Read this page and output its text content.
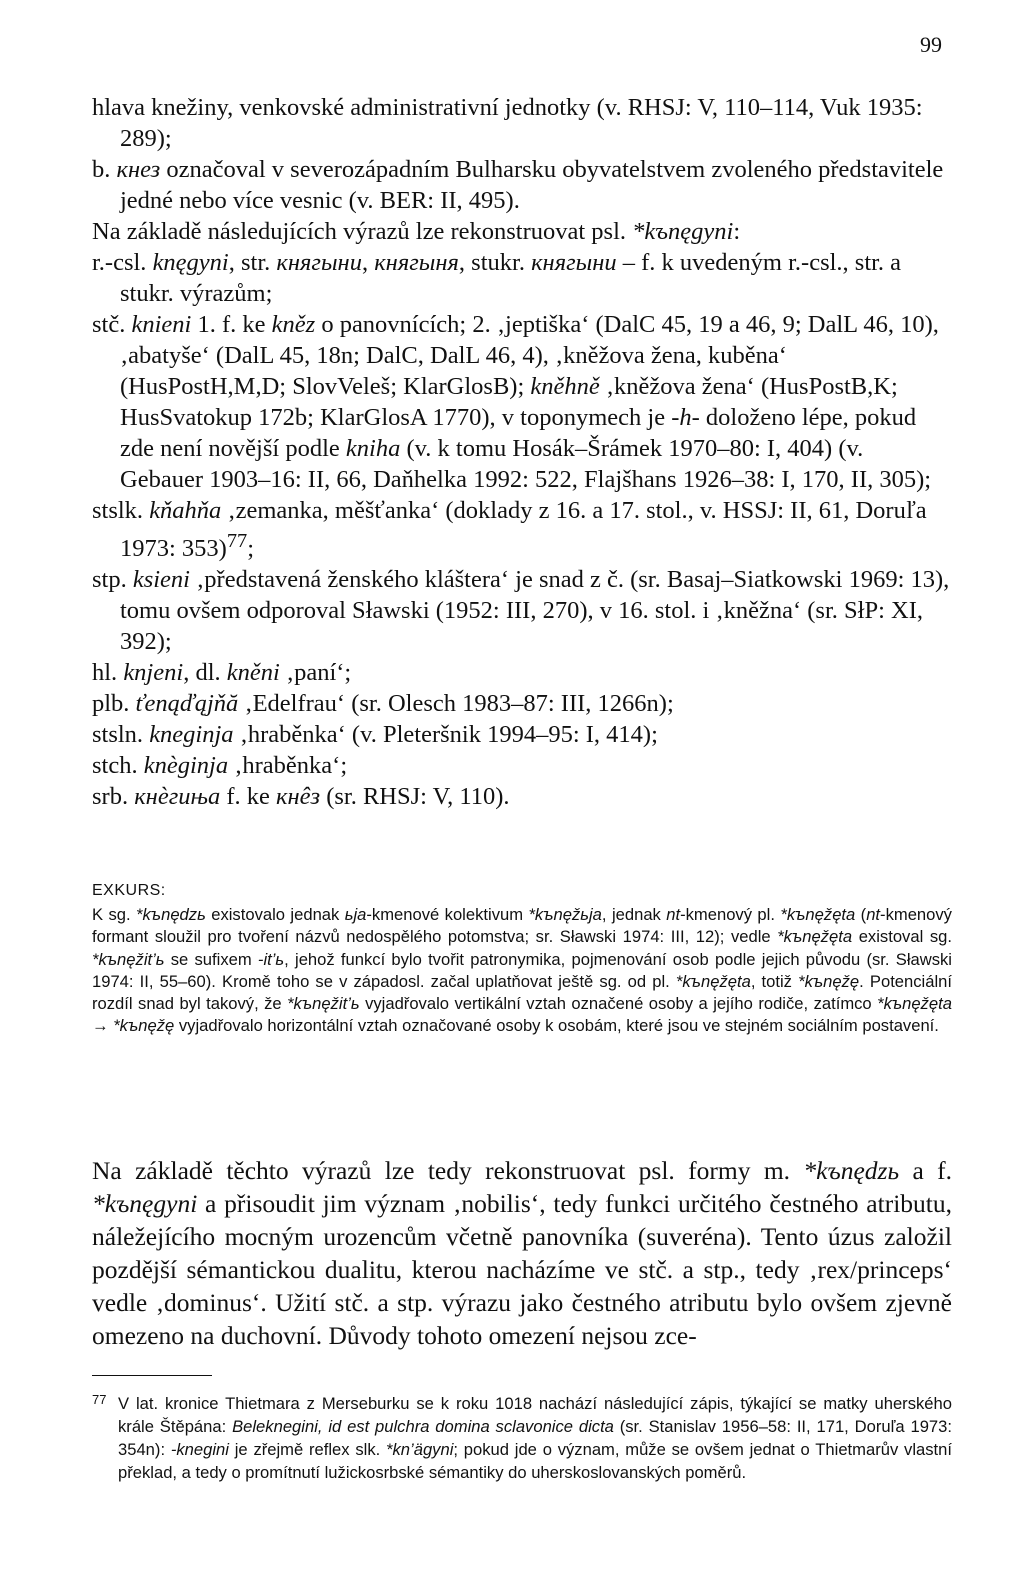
99

hlava knežiny, venkovské administrativní jednotky (v. RHSJ: V, 110–114, Vuk 1935: 289);

b. кнез označoval v severozápadním Bulharsku obyvatelstvem zvoleného představitele jedné nebo více vesnic (v. BER: II, 495).

Na základě následujících výrazů lze rekonstruovat psl. *kъnęgyni:

r.-csl. knęgyni, str. княгыни, княгыня, stukr. княгыни – f. k uvedeným r.-csl., str. a stukr. výrazům;

stč. knieni 1. f. ke kněz o panovnících; 2. ‚jeptiška‘ (DalC 45, 19 a 46, 9; DalL 46, 10), ‚abatyše‘ (DalL 45, 18n; DalC, DalL 46, 4), ‚kněžova žena, kuběna‘ (HusPostH,M,D; SlovVeleš; KlarGlosB); kněhně ‚kněžova žena‘ (HusPostB,K; HusSvatokup 172b; KlarGlosA 1770), v toponymech je -h- doloženo lépe, pokud zde není novější podle kniha (v. k tomu Hosák–Šrámek 1970–80: I, 404) (v. Gebauer 1903–16: II, 66, Daňhelka 1992: 522, Flajšhans 1926–38: I, 170, II, 305);

stslk. kňahňa ‚zemanka, měšťanka‘ (doklady z 16. a 17. stol., v. HSSJ: II, 61, Doruľa 1973: 353)$^{77}$;

stp. ksieni ‚představená ženského kláštera‘ je snad z č. (sr. Basaj–Siatkowski 1969: 13), tomu ovšem odporoval Sławski (1952: III, 270), v 16. stol. i ‚kněžna‘ (sr. SłP: XI, 392);

hl. knjeni, dl. kněni ‚paní‘;

plb. ťenąďąjňă ‚Edelfrau‘ (sr. Olesch 1983–87: III, 1266n);

stsln. kneginja ‚hraběnka‘ (v. Pleteršnik 1994–95: I, 414);

stch. knèginja ‚hraběnka‘;

srb. кнѐгиња f. ke кнêз (sr. RHSJ: V, 110).

EXKURS:

K sg. *kъnędzь existovalo jednak ьja-kmenové kolektivum *kъnęžьja, jednak nt-kmenový pl. *kъnęžęta (nt-kmenový formant sloužil pro tvoření názvů nedospělého potomstva; sr. Sławski 1974: III, 12); vedle *kъnęžęta existoval sg. *kъnęžit’ь se sufixem -it’ь, jehož funkcí bylo tvořit patronymika, pojmenování osob podle jejich původu (sr. Sławski 1974: II, 55–60). Kromě toho se v západosl. začal uplatňovat ještě sg. od pl. *kъnęžęta, totiž *kъnęžę. Potenciální rozdíl snad byl takový, že *kъnęžit’ь vyjadřovalo vertikální vztah označené osoby a jejího rodiče, zatímco *kъnęžęta → *kъnęžę vyjadřovalo horizontální vztah označované osoby k osobám, které jsou ve stejném sociálním postavení.

Na základě těchto výrazů lze tedy rekonstruovat psl. formy m. *kъnędzь a f. *kъnęgyni a přisoudit jim význam ‚nobilis‘, tedy funkci určitého čestného atributu, náležejícího mocným urozencům včetně panovníka (suveréna). Tento úzus založil pozdější sémantickou dualitu, kterou nacházíme ve stč. a stp., tedy ‚rex/princeps‘ vedle ‚dominus‘. Užití stč. a stp. výrazu jako čestného atributu bylo ovšem zjevně omezeno na duchovní. Důvody tohoto omezení nejsou zce-

77 V lat. kronice Thietmara z Merseburku se k roku 1018 nachází následující zápis, týkající se matky uherského krále Štěpána: Beleknegini, id est pulchra domina sclavonice dicta (sr. Stanislav 1956–58: II, 171, Doruľa 1973: 354n): -knegini je zřejmě reflex slk. *kn’ägyni; pokud jde o význam, může se ovšem jednat o Thietmarův vlastní překlad, a tedy o promítnutí lužickosrbské sémantiky do uherskoslovanských poměrů.
